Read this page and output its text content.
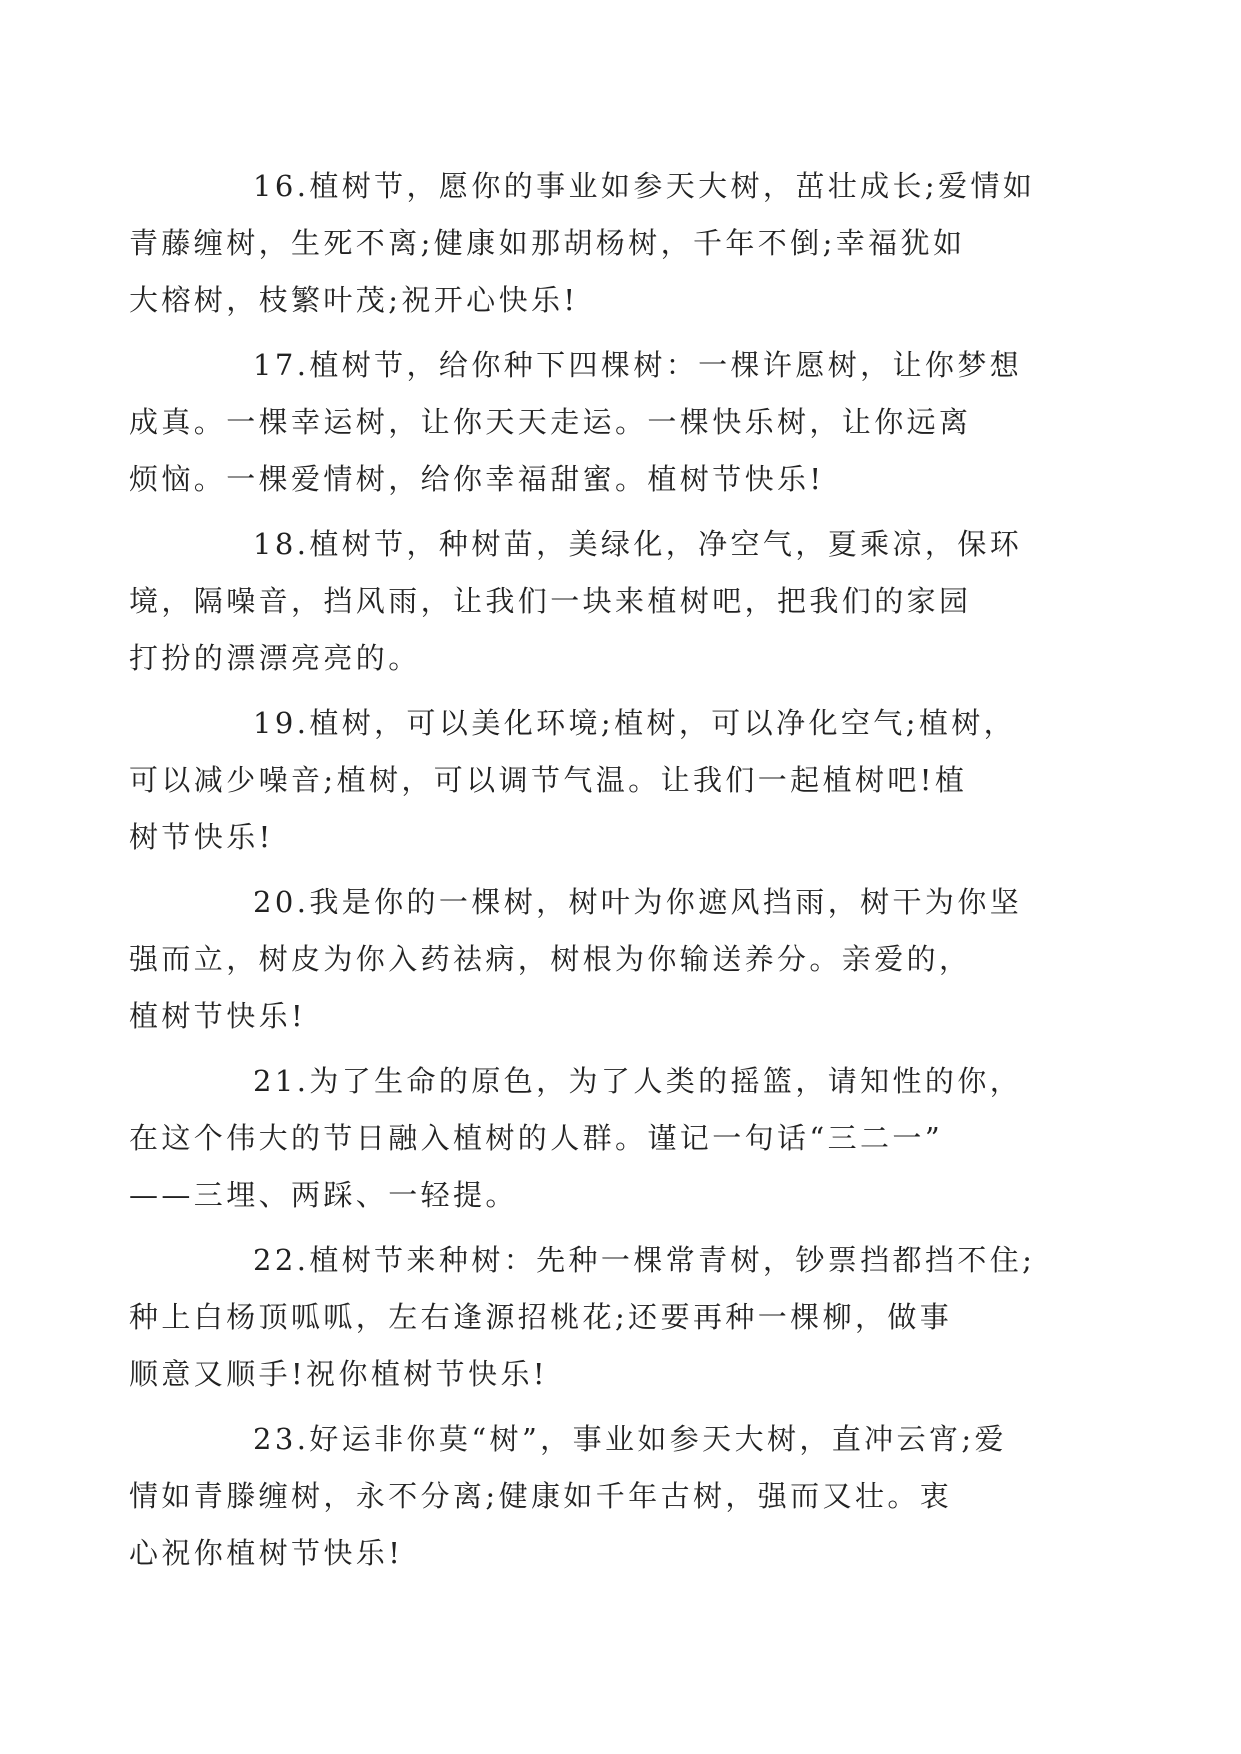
16.植树节，愿你的事业如参天大树，茁壮成长;爱情如
青藤缠树，生死不离;健康如那胡杨树，千年不倒;幸福犹如
大榕树，枝繁叶茂;祝开心快乐!

17.植树节，给你种下四棵树：一棵许愿树，让你梦想
成真。一棵幸运树，让你天天走运。一棵快乐树，让你远离
烦恼。一棵爱情树，给你幸福甜蜜。植树节快乐!

18.植树节，种树苗，美绿化，净空气，夏乘凉，保环
境，隔噪音，挡风雨，让我们一块来植树吧，把我们的家园
打扮的漂漂亮亮的。

19.植树，可以美化环境;植树，可以净化空气;植树，
可以减少噪音;植树，可以调节气温。让我们一起植树吧!植
树节快乐!

20.我是你的一棵树，树叶为你遮风挡雨，树干为你坚
强而立，树皮为你入药祛病，树根为你输送养分。亲爱的，
植树节快乐!

21.为了生命的原色，为了人类的摇篮，请知性的你，
在这个伟大的节日融入植树的人群。谨记一句话“三二一”
——三埋、两踩、一轻提。

22.植树节来种树：先种一棵常青树，钞票挡都挡不住;
种上白杨顶呱呱，左右逢源招桃花;还要再种一棵柳，做事
顺意又顺手!祝你植树节快乐!

23.好运非你莫“树”，事业如参天大树，直冲云宵;爱
情如青滕缠树，永不分离;健康如千年古树，强而又壮。衷
心祝你植树节快乐!
